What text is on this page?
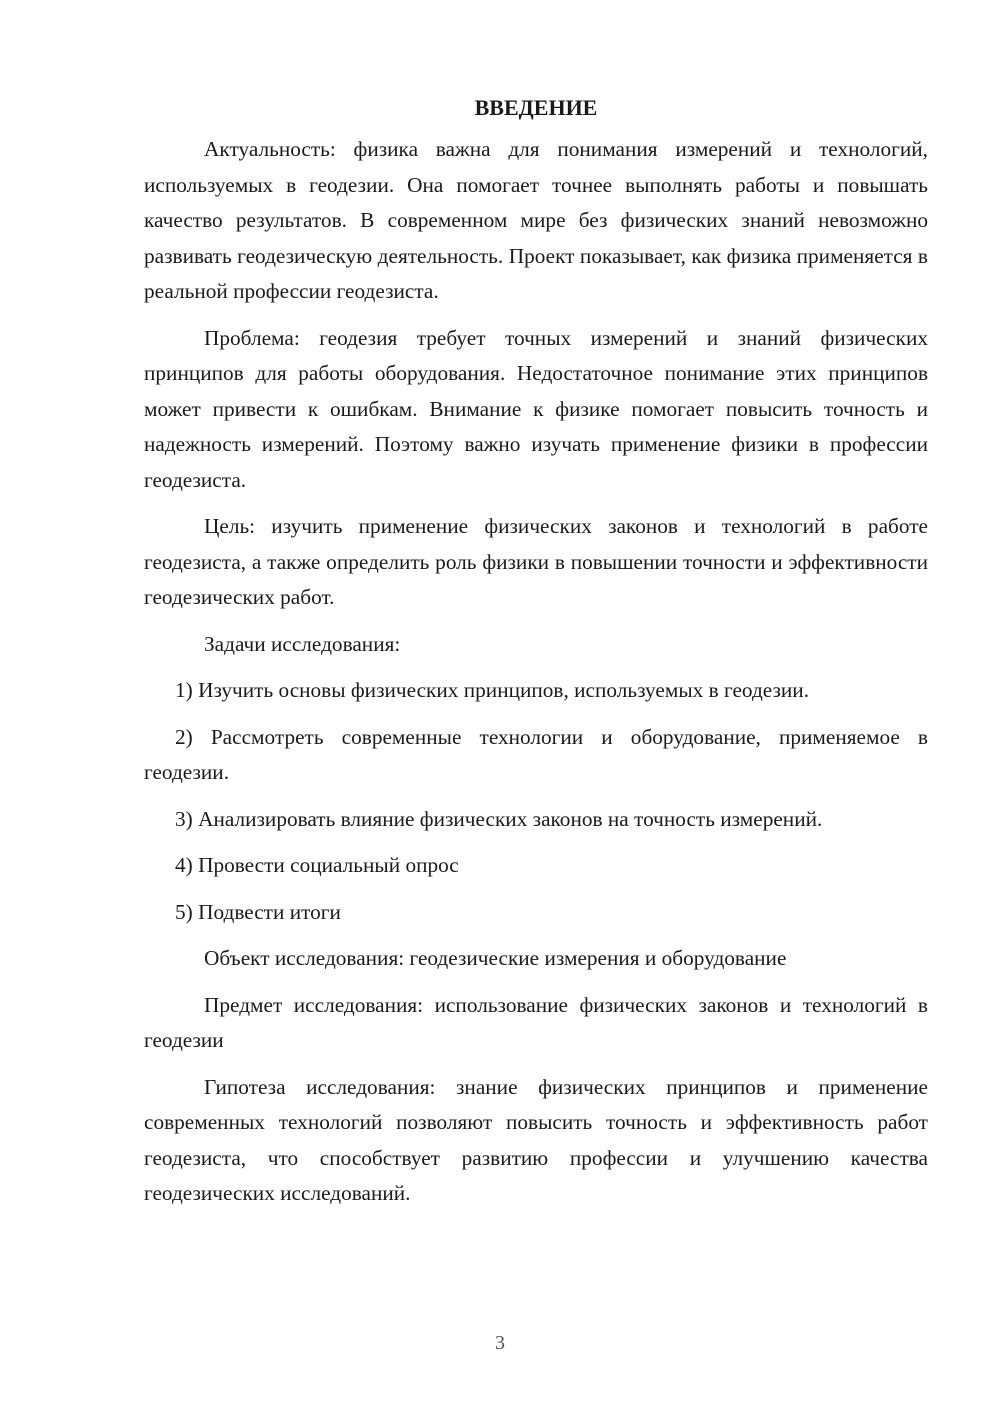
ВВЕДЕНИЕ

Актуальность: физика важна для понимания измерений и технологий, используемых в геодезии. Она помогает точнее выполнять работы и повышать качество результатов. В современном мире без физических знаний невозможно развивать геодезическую деятельность. Проект показывает, как физика применяется в реальной профессии геодезиста.

Проблема: геодезия требует точных измерений и знаний физических принципов для работы оборудования. Недостаточное понимание этих принципов может привести к ошибкам. Внимание к физике помогает повысить точность и надежность измерений. Поэтому важно изучать применение физики в профессии геодезиста.

Цель: изучить применение физических законов и технологий в работе геодезиста, а также определить роль физики в повышении точности и эффективности геодезических работ.

Задачи исследования:

1) Изучить основы физических принципов, используемых в геодезии.

2) Рассмотреть современные технологии и оборудование, применяемое в геодезии.

3) Анализировать влияние физических законов на точность измерений.

4) Провести социальный опрос

5) Подвести итоги

Объект исследования: геодезические измерения и оборудование

Предмет исследования: использование физических законов и технологий в геодезии

Гипотеза исследования: знание физических принципов и применение современных технологий позволяют повысить точность и эффективность работ геодезиста, что способствует развитию профессии и улучшению качества геодезических исследований.

3
